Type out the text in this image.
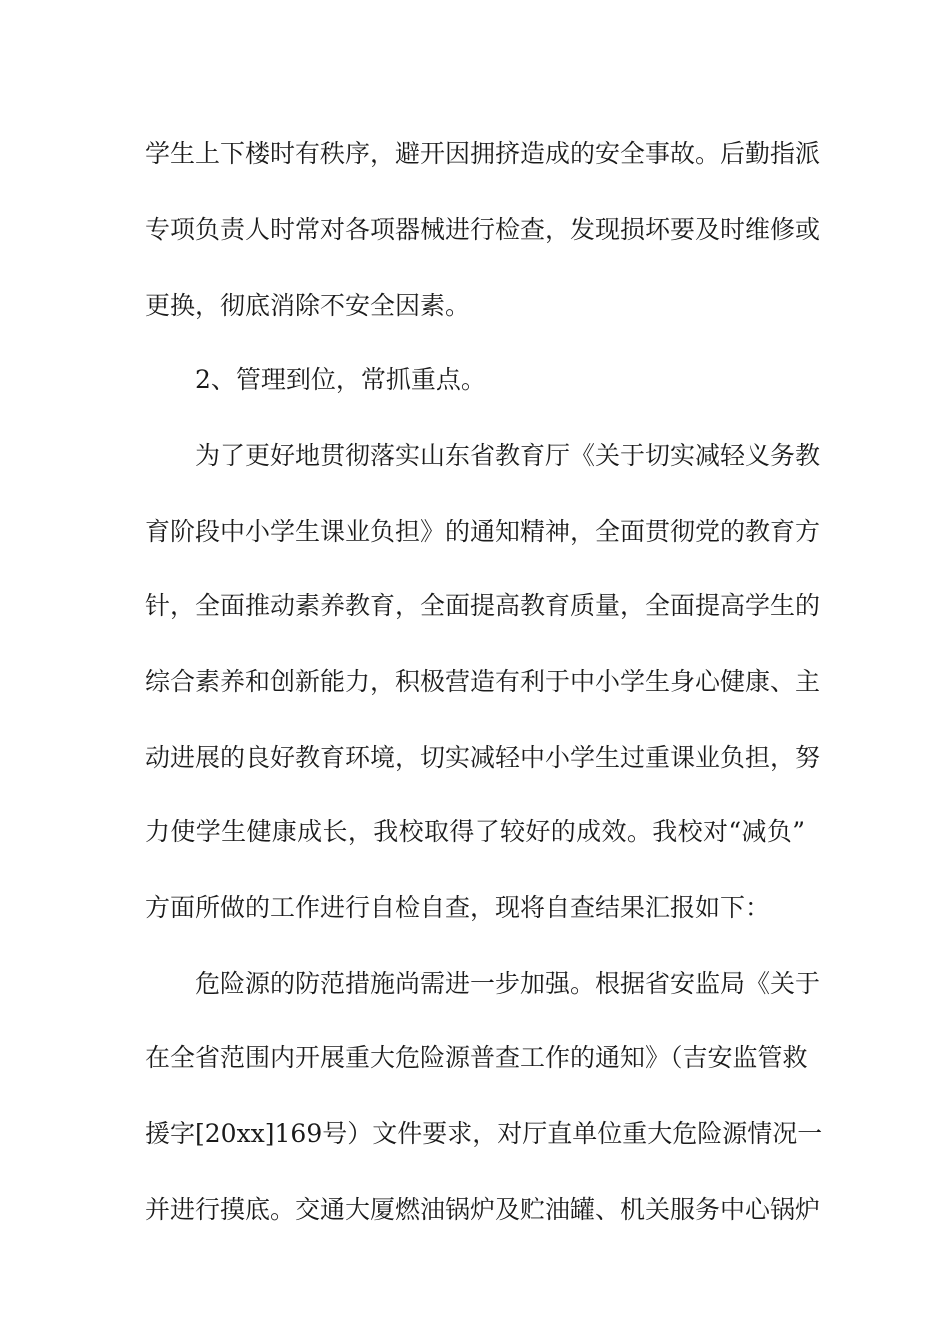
学生上下楼时有秩序，避开因拥挤造成的安全事故。后勤指派
专项负责人时常对各项器械进行检查，发现损坏要及时维修或
更换，彻底消除不安全因素。
2、管理到位，常抓重点。
为了更好地贯彻落实山东省教育厅《关于切实减轻义务教
育阶段中小学生课业负担》的通知精神，全面贯彻党的教育方
针，全面推动素养教育，全面提高教育质量，全面提高学生的
综合素养和创新能力，积极营造有利于中小学生身心健康、主
动进展的良好教育环境，切实减轻中小学生过重课业负担，努
力使学生健康成长，我校取得了较好的成效。我校对“减负”
方面所做的工作进行自检自查，现将自查结果汇报如下：
危险源的防范措施尚需进一步加强。根据省安监局《关于
在全省范围内开展重大危险源普查工作的通知》（吉安监管救
援字[20xx]169号）文件要求，对厅直单位重大危险源情况一
并进行摸底。交通大厦燃油锅炉及贮油罐、机关服务中心锅炉
